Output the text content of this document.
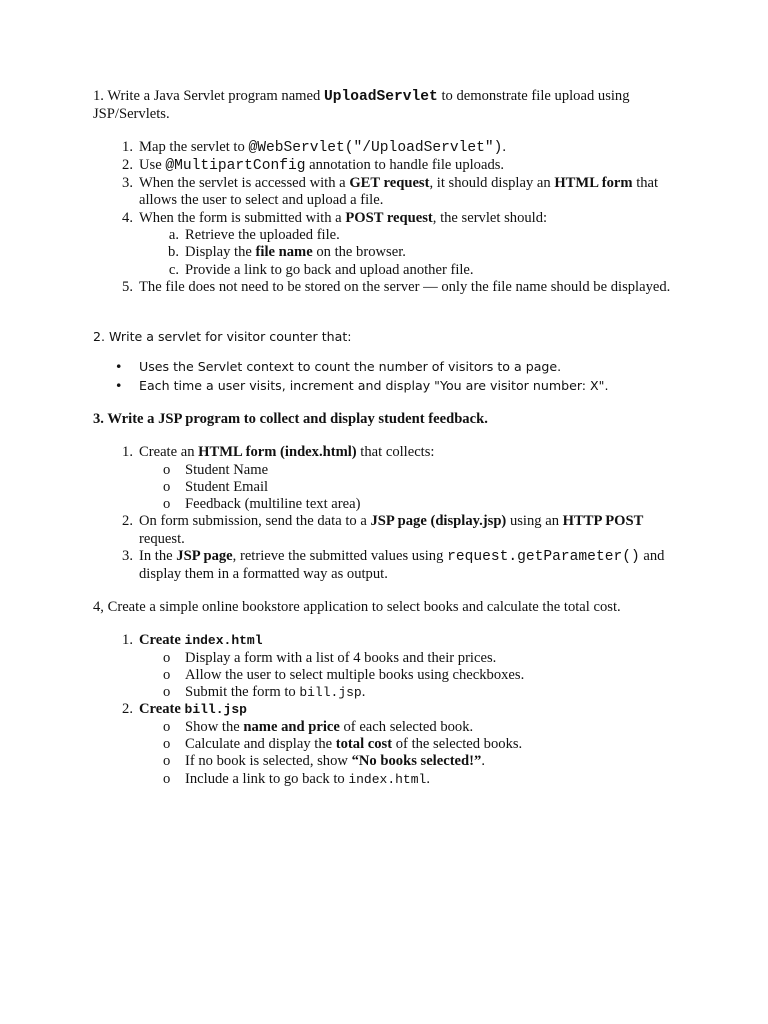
1. Write a Java Servlet program named UploadServlet to demonstrate file upload using JSP/Servlets.

1. Map the servlet to @WebServlet("/UploadServlet").
2. Use @MultipartConfig annotation to handle file uploads.
3. When the servlet is accessed with a GET request, it should display an HTML form that allows the user to select and upload a file.
4. When the form is submitted with a POST request, the servlet should:
a. Retrieve the uploaded file.
b. Display the file name on the browser.
c. Provide a link to go back and upload another file.
5. The file does not need to be stored on the server — only the file name should be displayed.

2. Write a servlet for visitor counter that:

• Uses the Servlet context to count the number of visitors to a page.
• Each time a user visits, increment and display "You are visitor number: X".

3. Write a JSP program to collect and display student feedback.

1. Create an HTML form (index.html) that collects:
o Student Name
o Student Email
o Feedback (multiline text area)
2. On form submission, send the data to a JSP page (display.jsp) using an HTTP POST request.
3. In the JSP page, retrieve the submitted values using request.getParameter() and display them in a formatted way as output.

4, Create a simple online bookstore application to select books and calculate the total cost.

1. Create index.html
o Display a form with a list of 4 books and their prices.
o Allow the user to select multiple books using checkboxes.
o Submit the form to bill.jsp.
2. Create bill.jsp
o Show the name and price of each selected book.
o Calculate and display the total cost of the selected books.
o If no book is selected, show “No books selected!”.
o Include a link to go back to index.html.
